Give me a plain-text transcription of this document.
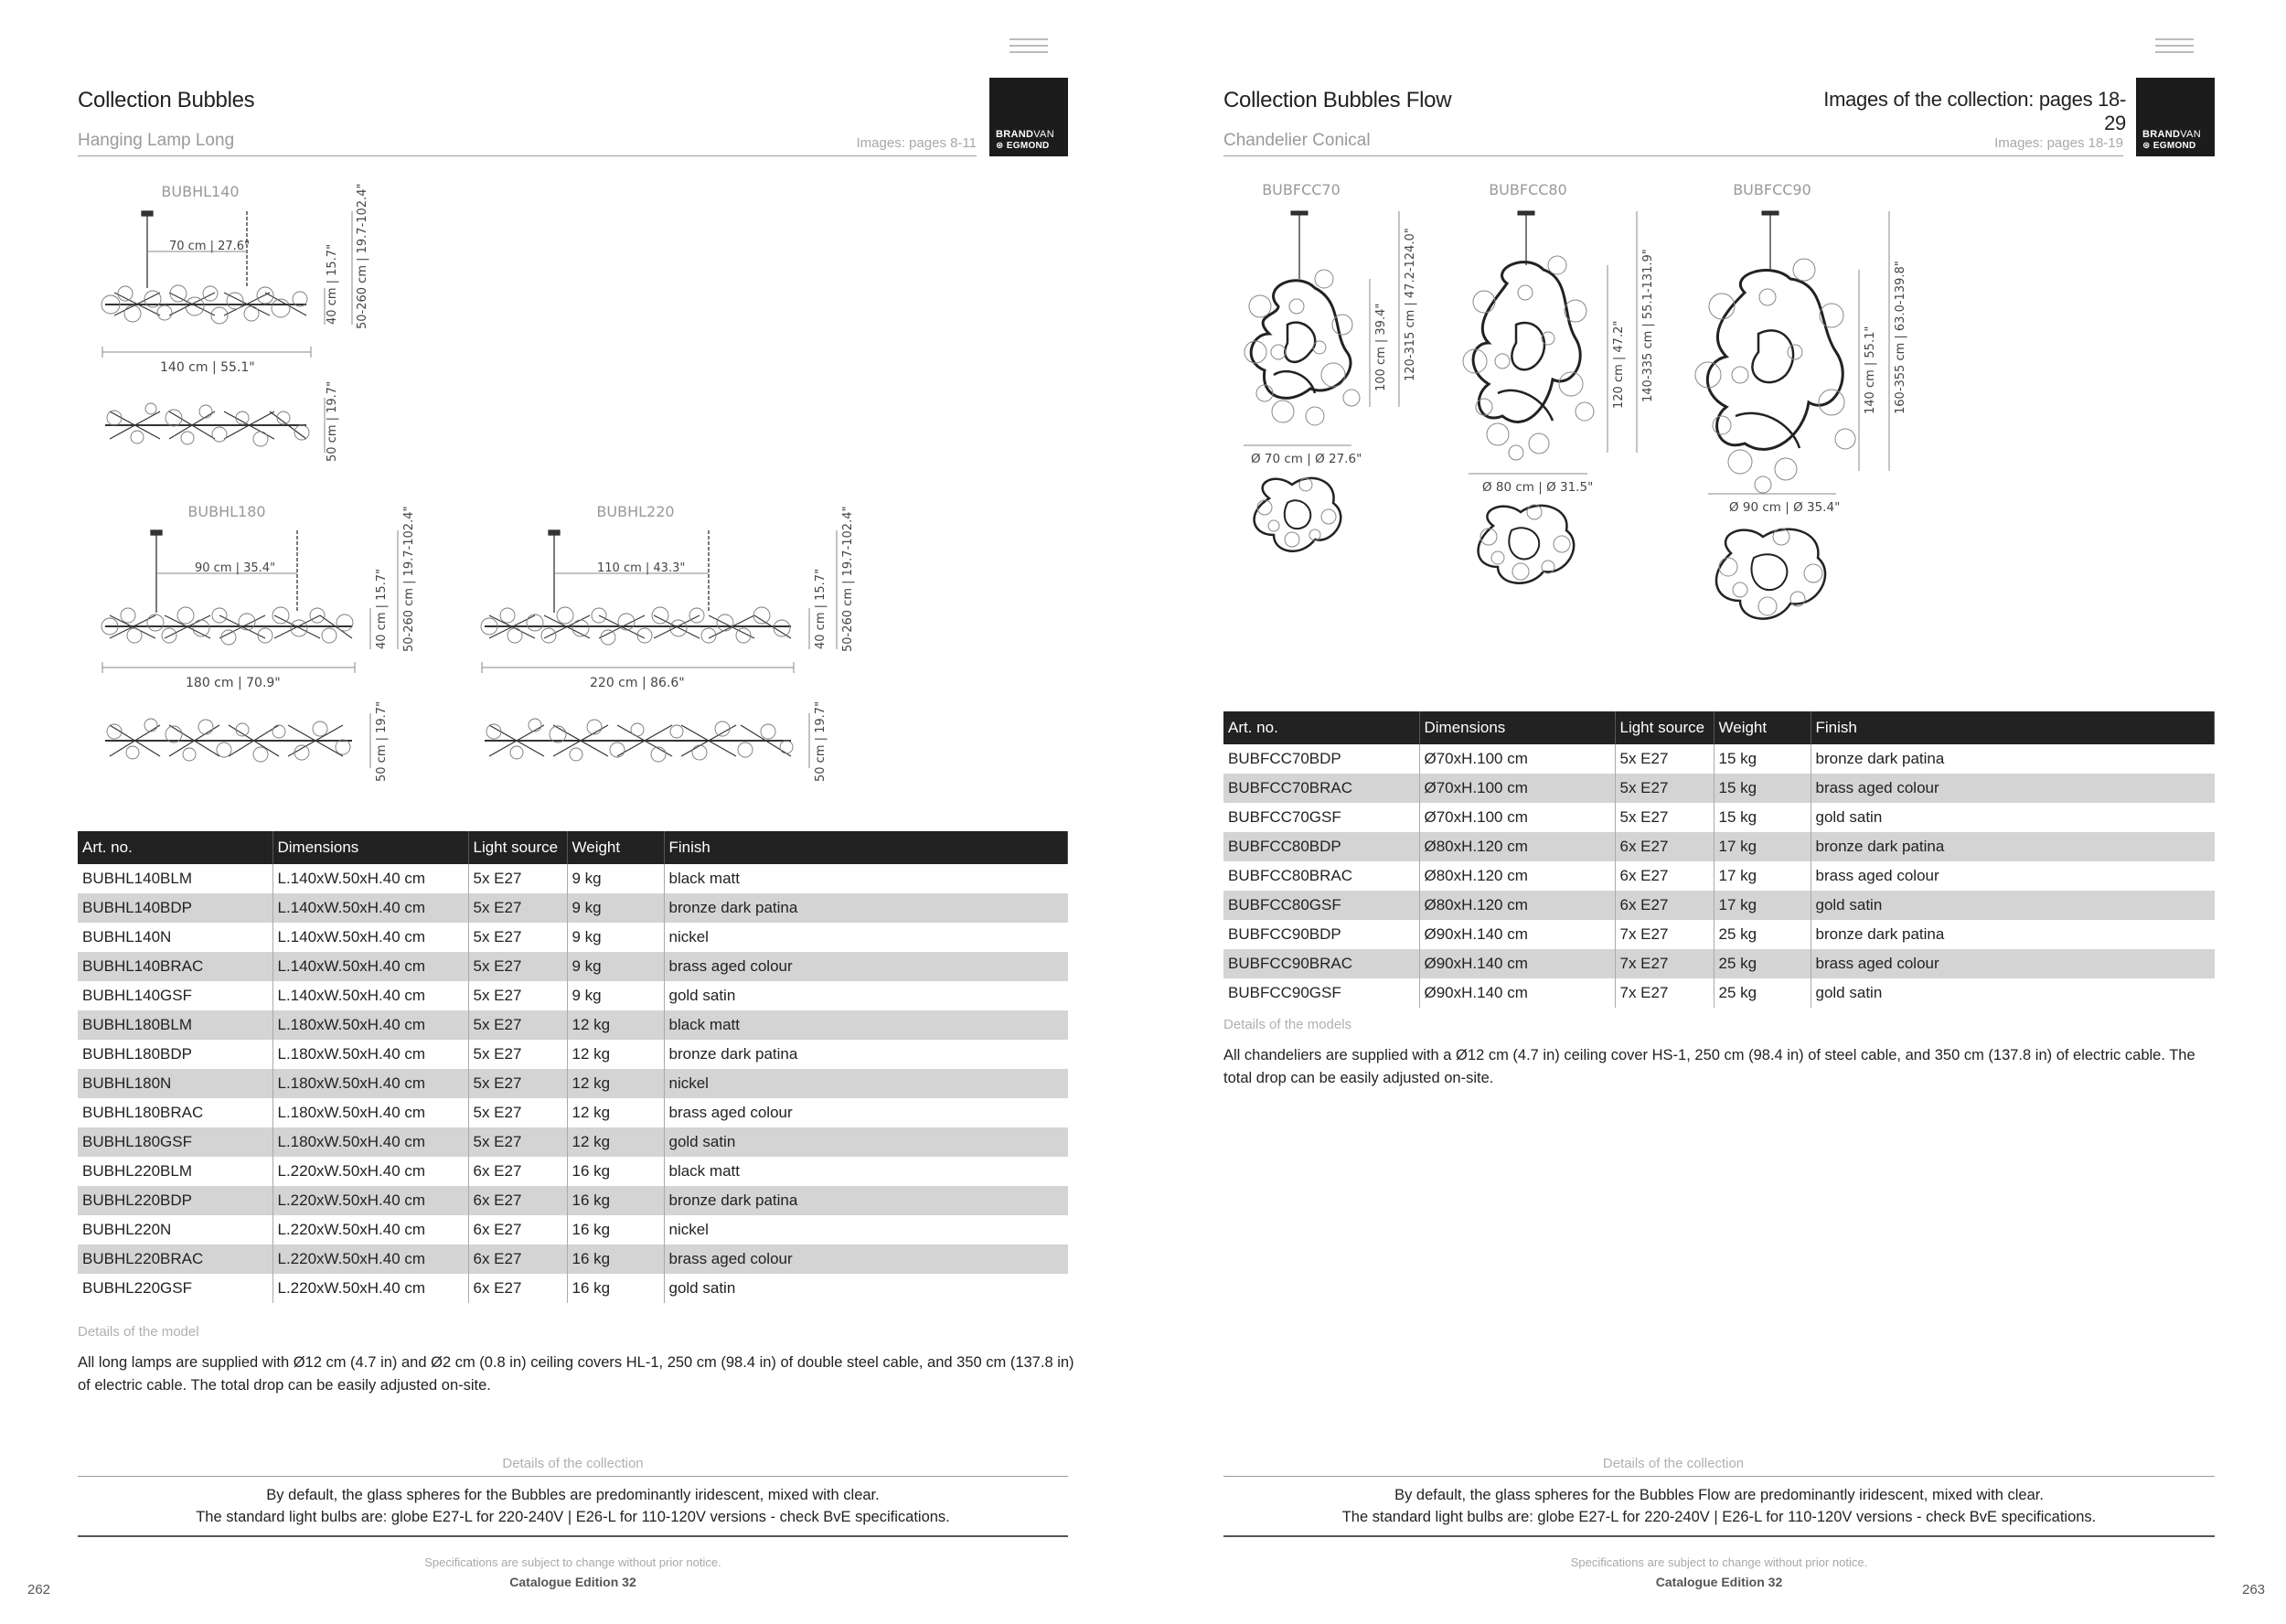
BRANDVAN
⊛ EGMOND
Collection Bubbles
Hanging Lamp Long	Images: pages 8-11
BUBHL140
70 cm | 27.6"
140 cm | 55.1"
40 cm | 15.7" 50-260 cm | 19.7-102.4"
50 cm | 19.7"
BUBHL180
90 cm | 35.4"
180 cm | 70.9"
40 cm | 15.7" 50-260 cm | 19.7-102.4"
50 cm | 19.7"
BUBHL220
110 cm | 43.3"
220 cm | 86.6"
40 cm | 15.7" 50-260 cm | 19.7-102.4"
50 cm | 19.7"
Art. no.	Dimensions	Light source	Weight	Finish
BUBHL140BLM	L.140xW.50xH.40 cm	5x E27	9 kg	black matt
BUBHL140BDP	L.140xW.50xH.40 cm	5x E27	9 kg	bronze dark patina
BUBHL140N	L.140xW.50xH.40 cm	5x E27	9 kg	nickel
BUBHL140BRAC	L.140xW.50xH.40 cm	5x E27	9 kg	brass aged colour
BUBHL140GSF	L.140xW.50xH.40 cm	5x E27	9 kg	gold satin
BUBHL180BLM	L.180xW.50xH.40 cm	5x E27	12 kg	black matt
BUBHL180BDP	L.180xW.50xH.40 cm	5x E27	12 kg	bronze dark patina
BUBHL180N	L.180xW.50xH.40 cm	5x E27	12 kg	nickel
BUBHL180BRAC	L.180xW.50xH.40 cm	5x E27	12 kg	brass aged colour
BUBHL180GSF	L.180xW.50xH.40 cm	5x E27	12 kg	gold satin
BUBHL220BLM	L.220xW.50xH.40 cm	6x E27	16 kg	black matt
BUBHL220BDP	L.220xW.50xH.40 cm	6x E27	16 kg	bronze dark patina
BUBHL220N	L.220xW.50xH.40 cm	6x E27	16 kg	nickel
BUBHL220BRAC	L.220xW.50xH.40 cm	6x E27	16 kg	brass aged colour
BUBHL220GSF	L.220xW.50xH.40 cm	6x E27	16 kg	gold satin
Details of the model
All long lamps are supplied with Ø12 cm (4.7 in) and Ø2 cm (0.8 in) ceiling covers HL-1, 250 cm (98.4 in) of double steel cable, and 350 cm (137.8 in) of electric cable. The total drop can be easily adjusted on-site.
Details of the collection
By default, the glass spheres for the Bubbles are predominantly iridescent, mixed with clear.
The standard light bulbs are: globe E27-L for 220-240V | E26-L for 110-120V versions - check BvE specifications.
Specifications are subject to change without prior notice.
Catalogue Edition 32
262
BRANDVAN
⊛ EGMOND
Collection Bubbles Flow	Images of the collection: pages 18-29
Chandelier Conical	Images: pages 18-19
BUBFCC70
Ø 70 cm | Ø 27.6"
100 cm | 39.4" 120-315 cm | 47.2-124.0"
BUBFCC80
Ø 80 cm | Ø 31.5"
120 cm | 47.2" 140-335 cm | 55.1-131.9"
BUBFCC90
Ø 90 cm | Ø 35.4"
140 cm | 55.1" 160-355 cm | 63.0-139.8"
Art. no.	Dimensions	Light source	Weight	Finish
BUBFCC70BDP	Ø70xH.100 cm	5x E27	15 kg	bronze dark patina
BUBFCC70BRAC	Ø70xH.100 cm	5x E27	15 kg	brass aged colour
BUBFCC70GSF	Ø70xH.100 cm	5x E27	15 kg	gold satin
BUBFCC80BDP	Ø80xH.120 cm	6x E27	17 kg	bronze dark patina
BUBFCC80BRAC	Ø80xH.120 cm	6x E27	17 kg	brass aged colour
BUBFCC80GSF	Ø80xH.120 cm	6x E27	17 kg	gold satin
BUBFCC90BDP	Ø90xH.140 cm	7x E27	25 kg	bronze dark patina
BUBFCC90BRAC	Ø90xH.140 cm	7x E27	25 kg	brass aged colour
BUBFCC90GSF	Ø90xH.140 cm	7x E27	25 kg	gold satin
Details of the models
All chandeliers are supplied with a Ø12 cm (4.7 in) ceiling cover HS-1, 250 cm (98.4 in) of steel cable, and 350 cm (137.8 in) of electric cable. The total drop can be easily adjusted on-site.
Details of the collection
By default, the glass spheres for the Bubbles Flow are predominantly iridescent, mixed with clear.
The standard light bulbs are: globe E27-L for 220-240V | E26-L for 110-120V versions - check BvE specifications.
Specifications are subject to change without prior notice.
Catalogue Edition 32	263
